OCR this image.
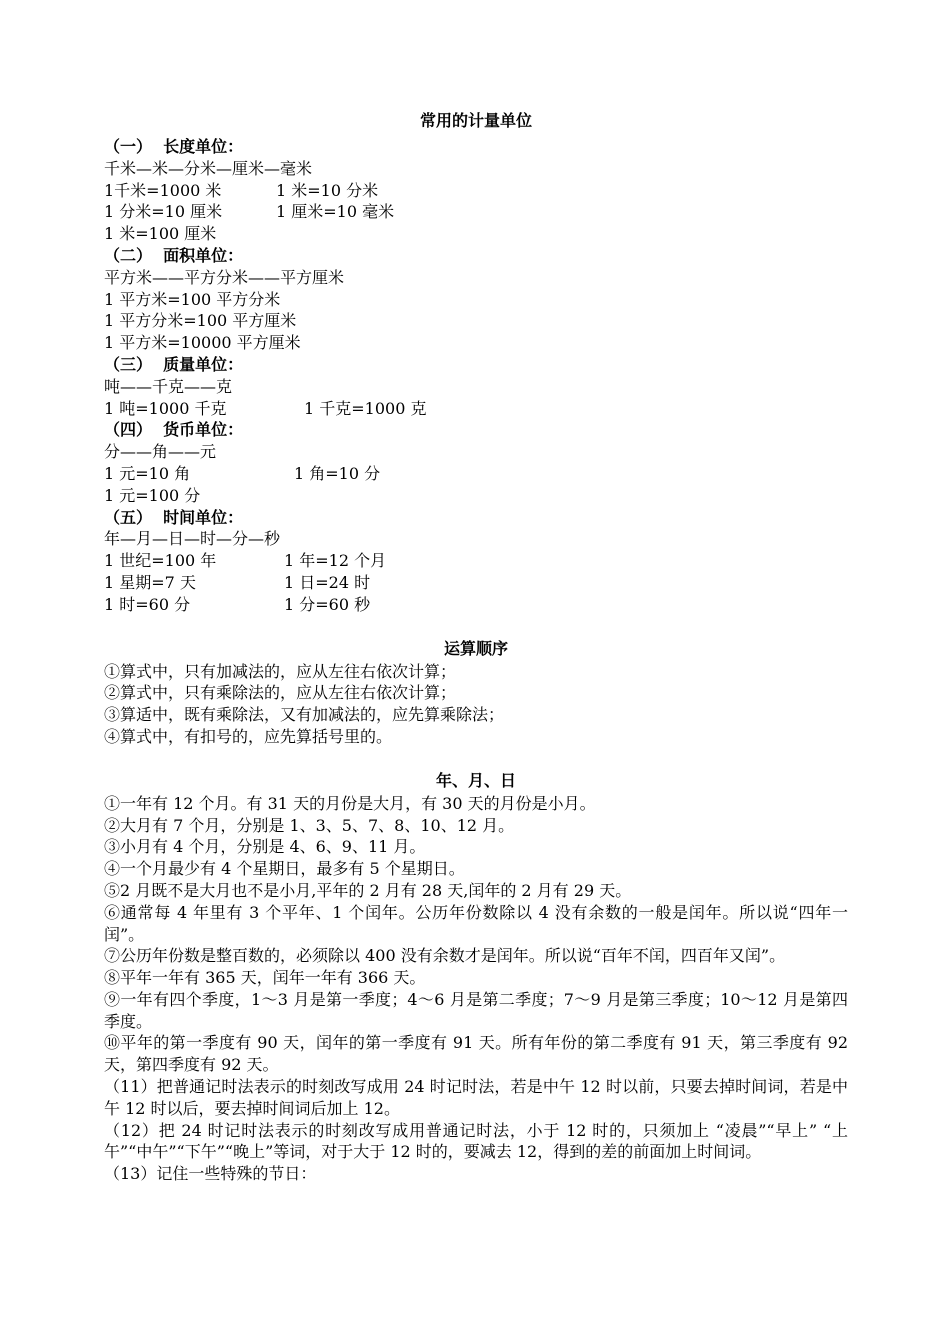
常用的计量单位
（一）  长度单位：
千米—米—分米—厘米—毫米
1千米=1000 米	1 米=10 分米
1 分米=10 厘米	1 厘米=10 毫米
1 米=100 厘米
（二）  面积单位：
平方米——平方分米——平方厘米
1 平方米=100 平方分米
1 平方分米=100 平方厘米
1 平方米=10000 平方厘米
（三）  质量单位：
吨——千克——克
1 吨=1000 千克	1 千克=1000 克
（四）  货币单位：
分——角——元
1 元=10 角	1 角=10 分
1 元=100 分
（五）  时间单位：
年—月—日—时—分—秒
1 世纪=100 年	1 年=12 个月
1 星期=7 天	1 日=24 时
1 时=60 分	1 分=60 秒
运算顺序
①算式中，只有加减法的，应从左往右依次计算；
②算式中，只有乘除法的，应从左往右依次计算；
③算适中，既有乘除法，又有加减法的，应先算乘除法；
④算式中，有扣号的，应先算括号里的。
年、月、日
①一年有 12 个月。有 31 天的月份是大月，有 30 天的月份是小月。
②大月有 7 个月，分别是 1、3、5、7、8、10、12 月。
③小月有 4 个月，分别是 4、6、9、11 月。
④一个月最少有 4 个星期日，最多有 5 个星期日。
⑤2 月既不是大月也不是小月,平年的 2 月有 28 天,闰年的 2 月有 29 天。
⑥通常每 4 年里有 3 个平年、1 个闰年。公历年份数除以 4 没有余数的一般是闰年。所以说“四年一闰”。
⑦公历年份数是整百数的，必须除以 400 没有余数才是闰年。所以说“百年不闰，四百年又闰”。
⑧平年一年有 365 天，闰年一年有 366 天。
⑨一年有四个季度，1～3 月是第一季度；4～6 月是第二季度；7～9 月是第三季度；10～12 月是第四季度。
⑩平年的第一季度有 90 天，闰年的第一季度有 91 天。所有年份的第二季度有 91 天，第三季度有 92 天，第四季度有 92 天。
（11）把普通记时法表示的时刻改写成用 24 时记时法，若是中午 12 时以前，只要去掉时间词，若是中午 12 时以后，要去掉时间词后加上 12。
（12）把 24 时记时法表示的时刻改写成用普通记时法，小于 12 时的，只须加上 “凌晨”“早上” “上午”“中午”“下午”“晚上”等词，对于大于 12 时的，要减去 12，得到的差的前面加上时间词。
（13）记住一些特殊的节日：
